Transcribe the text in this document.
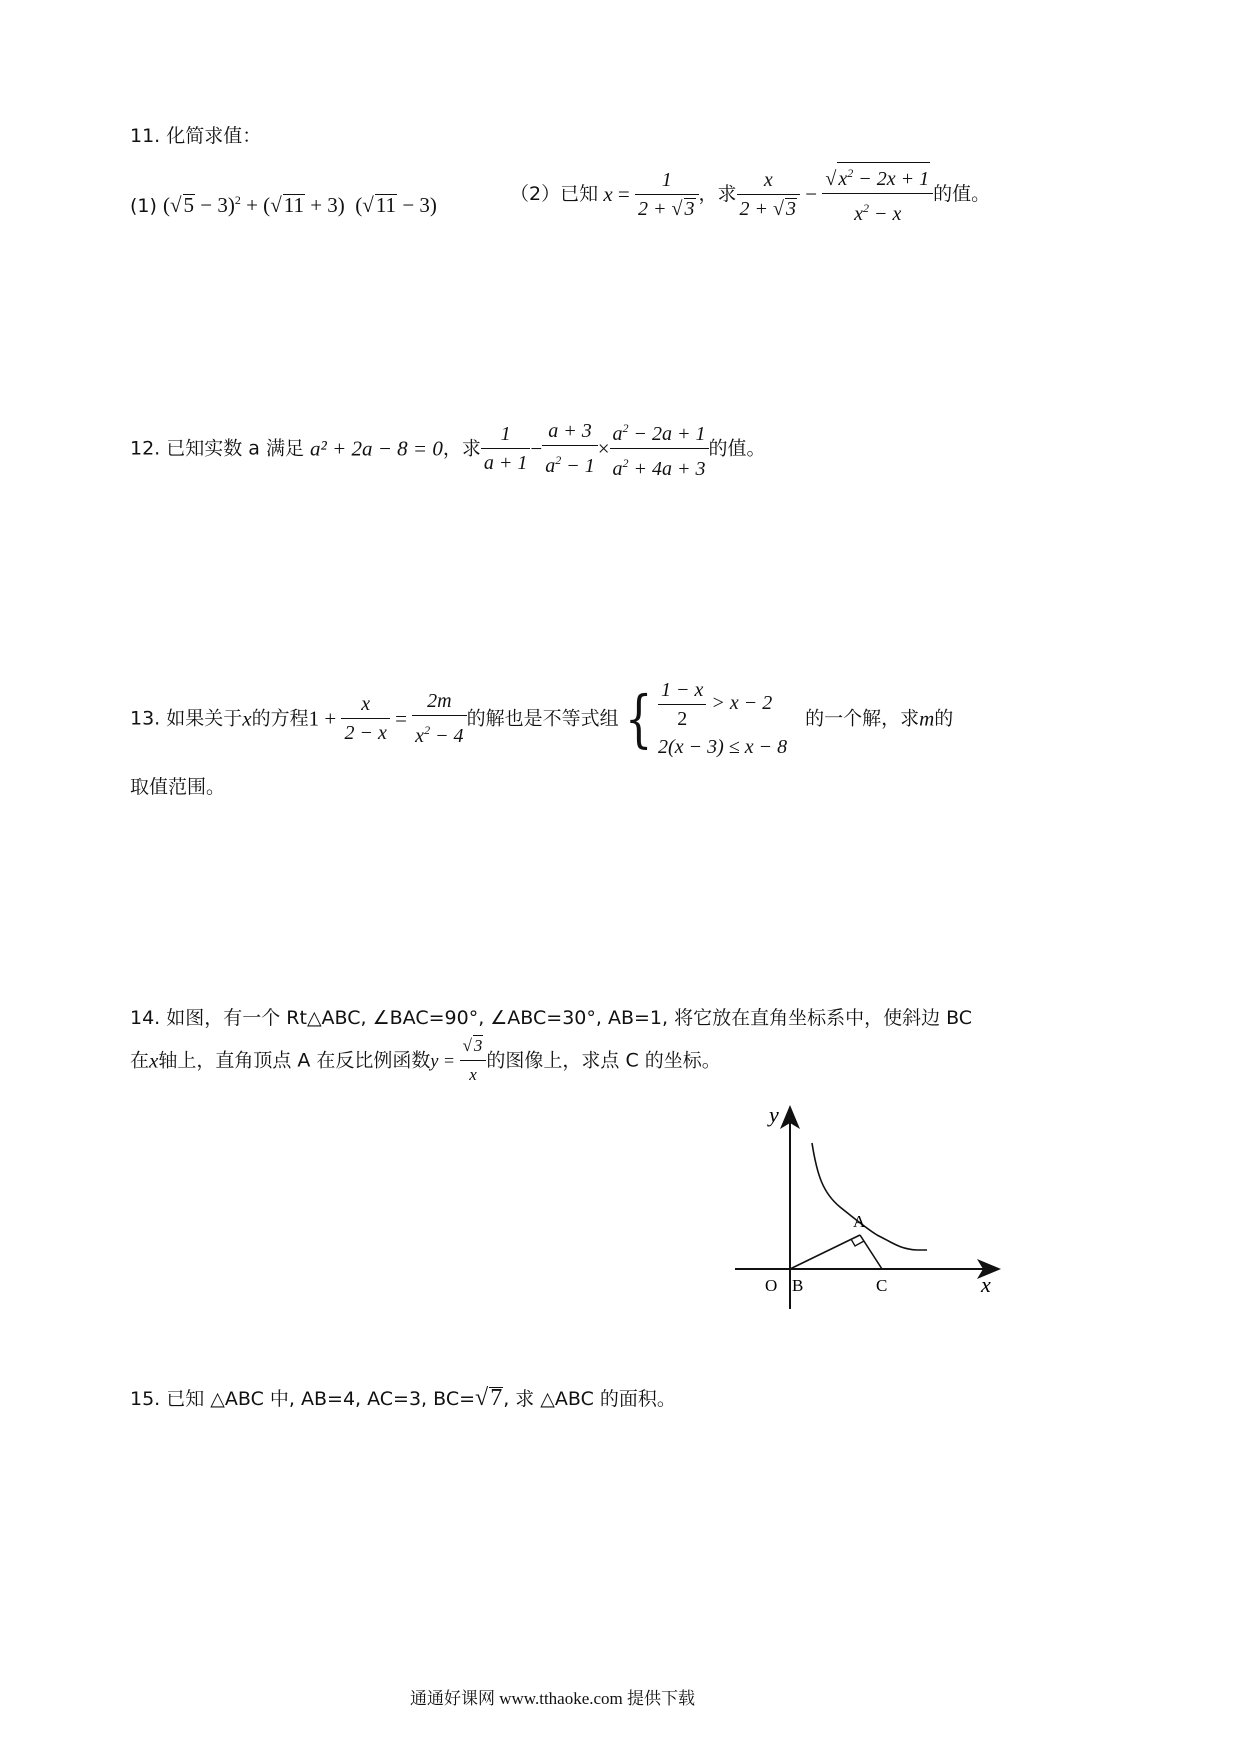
11. 化简求值：
(1) $(√5 - 3)^2 + (√11 + 3)$  (√11 − 3)	（2）已知 $x = \frac{1}{2 + √ 3}$ ，求 $\frac{x}{2 + √ 3} - \frac{√ x^2 - 2x + 1}{x^2 - x}$ 的值。
12. 已知实数 a 满足 a² + 2a − 8 = 0，求 $\frac{1}{a + 1} - \frac{a + 3}{a^2 - 1} \times \frac{a^2 - 2a + 1}{a^2 + 4a + 3}$ 的值。
13. 如果关于x的方程$1 + \frac{x}{2 - x} = \frac{2m}{x^2 - 4}$ 的解也是不等式组{ $\frac{1 - x}{2} > x - 2$
2(x − 3) ≤ x − 8
的一个解，求m的
取值范围。
14. 如图，有一个 Rt△ABC, ∠BAC=90°, ∠ABC=30°, AB=1, 将它放在直角坐标系中，使斜边 BC
在x轴上，直角顶点 A 在反比例函数$y = \frac{√ 3}{x}$ 的图像上，求点 C 的坐标。
y
x
O B	C
A
15. 已知 △ABC 中, AB=4, AC=3, BC=√7, 求 △ABC 的面积。
通通好课网 www.tthaoke.com 提供下载
